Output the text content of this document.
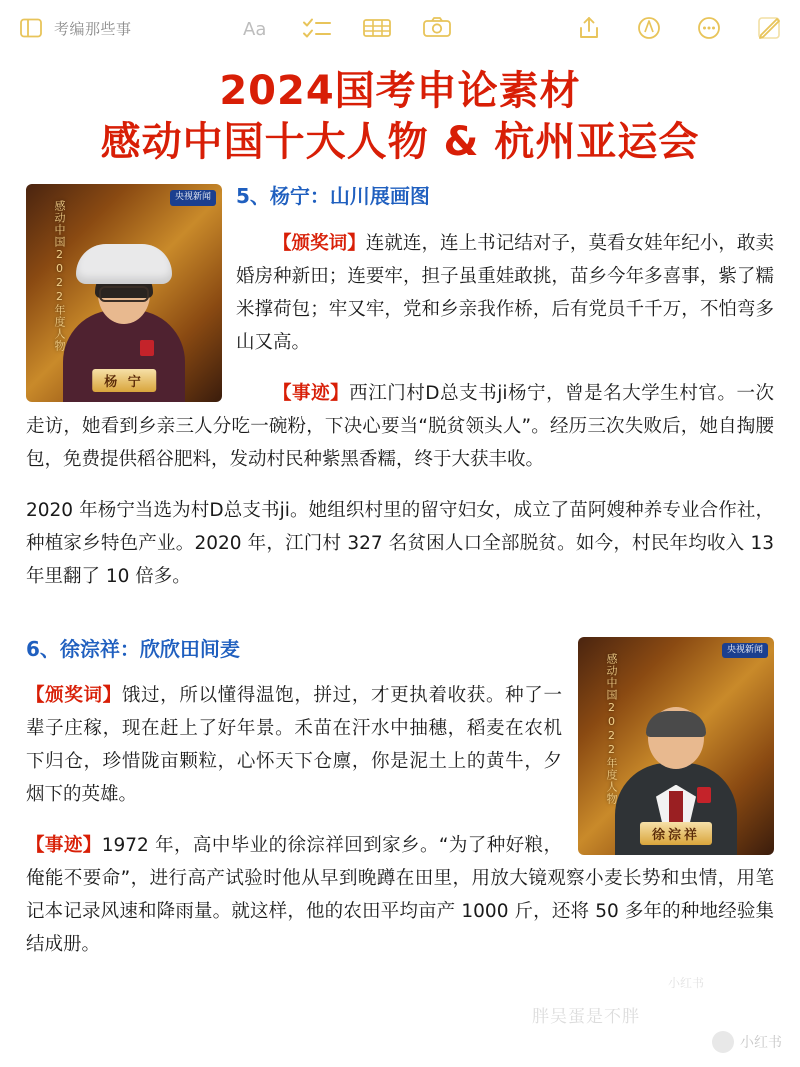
考编那些事	Aa
2024国考申论素材
感动中国十大人物 & 杭州亚运会
感动中国2022年度人物
央视新闻
杨 宁
5、杨宁：山川展画图

【颁奖词】连就连，连上书记结对子，莫看女娃年纪小，敢卖婚房种新田；连要牢，担子虽重娃敢挑，苗乡今年多喜事，紫了糯米撑荷包；牢又牢，党和乡亲我作桥，后有党员千千万，不怕弯多山又高。

【事迹】西江门村D总支书ji杨宁，曾是名大学生村官。一次走访，她看到乡亲三人分吃一碗粉，下决心要当“脱贫领头人”。经历三次失败后，她自掏腰包，免费提供稻谷肥料，发动村民种紫黑香糯，终于大获丰收。

2020 年杨宁当选为村D总支书ji。她组织村里的留守妇女，成立了苗阿嫂种养专业合作社，种植家乡特色产业。2020 年，江门村 327 名贫困人口全部脱贫。如今，村民年均收入 13 年里翻了 10 倍多。

感动中国2022年度人物
央视新闻
徐淙祥
6、徐淙祥：欣欣田间麦

【颁奖词】饿过，所以懂得温饱，拼过，才更执着收获。种了一辈子庄稼，现在赶上了好年景。禾苗在汗水中抽穗，稻麦在农机下归仓，珍惜陇亩颗粒，心怀天下仓廪，你是泥土上的黄牛，夕烟下的英雄。

【事迹】1972 年，高中毕业的徐淙祥回到家乡。“为了种好粮，俺能不要命”，进行高产试验时他从早到晚蹲在田里，用放大镜观察小麦长势和虫情，用笔记本记录风速和降雨量。就这样，他的农田平均亩产 1000 斤，还将 50 多年的种地经验集结成册。

小红书
胖吴蛋是不胖
小红书
